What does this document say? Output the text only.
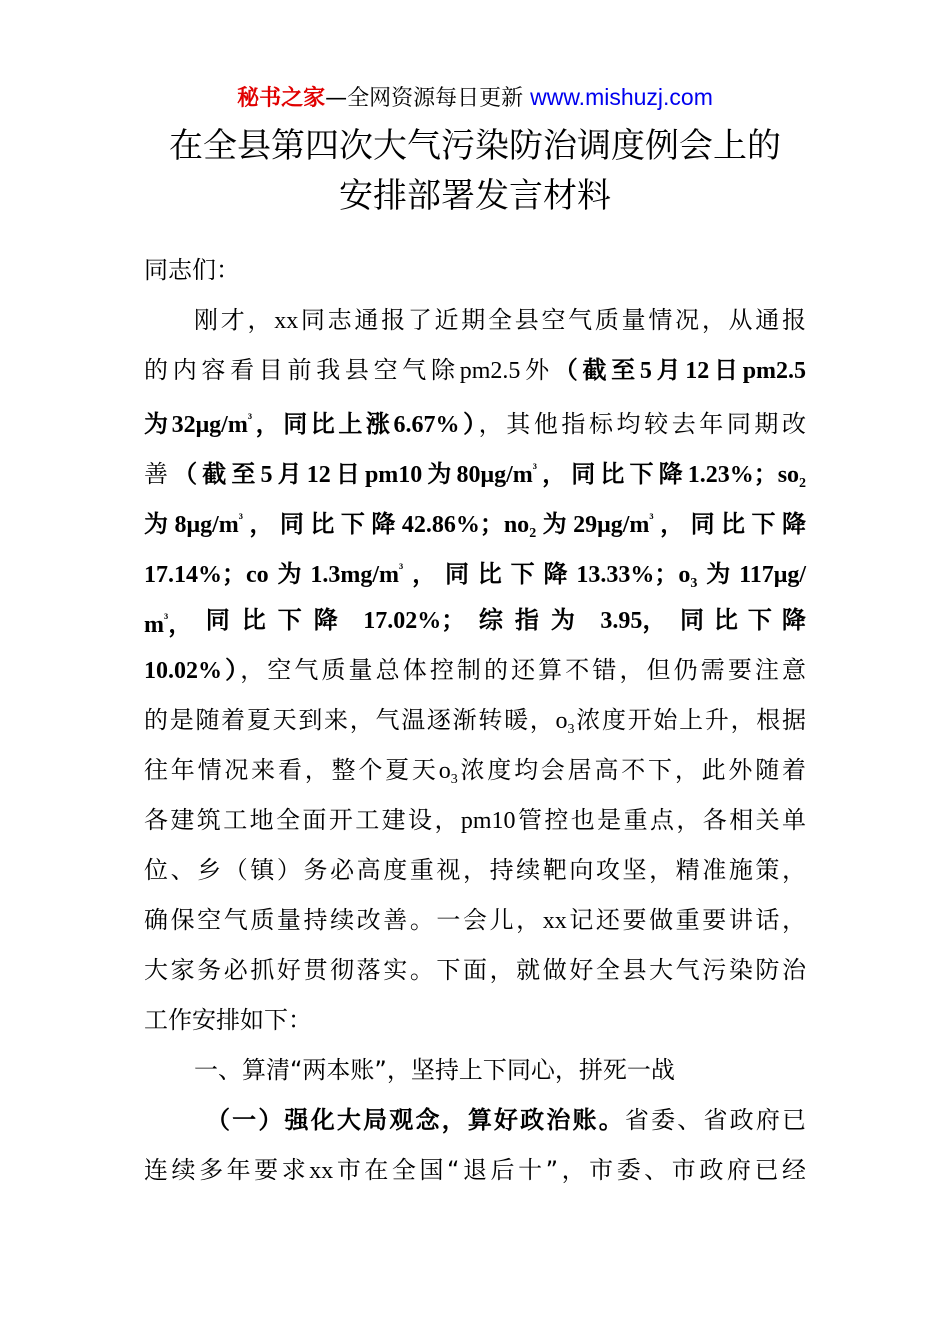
秘书之家—全网资源每日更新 www.mishuzj.com
在全县第四次大气污染防治调度例会上的
安排部署发言材料
同志们：
刚才，xx同志通报了近期全县空气质量情况，从通报
的内容看目前我县空气除pm2.5外（截至5月12日pm2.5
为$32\mu g/m^{^3}$，同比上涨6.67%），其他指标均较去年同期改
善（截至5月12日pm10为$80\mu g/m^{^3}$，同比下降1.23%；$so_2$
为$8\mu g/m^{^3}$，同比下降42.86%；$no_2$为$29\mu g/m^{^3}$，同比下降
17.14%；co为$1.3mg/m^{^3}$，同比下降13.33%；$o_3$为117μg/
$m^{^3}$， 同比下降 17.02%； 综指为 3.95， 同比下降
10.02%），空气质量总体控制的还算不错，但仍需要注意
的是随着夏天到来，气温逐渐转暖，$o_3$浓度开始上升，根据
往年情况来看，整个夏天$o_3$浓度均会居高不下，此外随着
各建筑工地全面开工建设，pm10管控也是重点，各相关单
位、乡（镇）务必高度重视，持续靶向攻坚，精准施策，
确保空气质量持续改善。一会儿，xx记还要做重要讲话，
大家务必抓好贯彻落实。下面，就做好全县大气污染防治
工作安排如下：
一、算清“两本账”，坚持上下同心，拼死一战
（一）强化大局观念，算好政治账。省委、省政府已
连续多年要求xx市在全国“退后十”，市委、市政府已经
